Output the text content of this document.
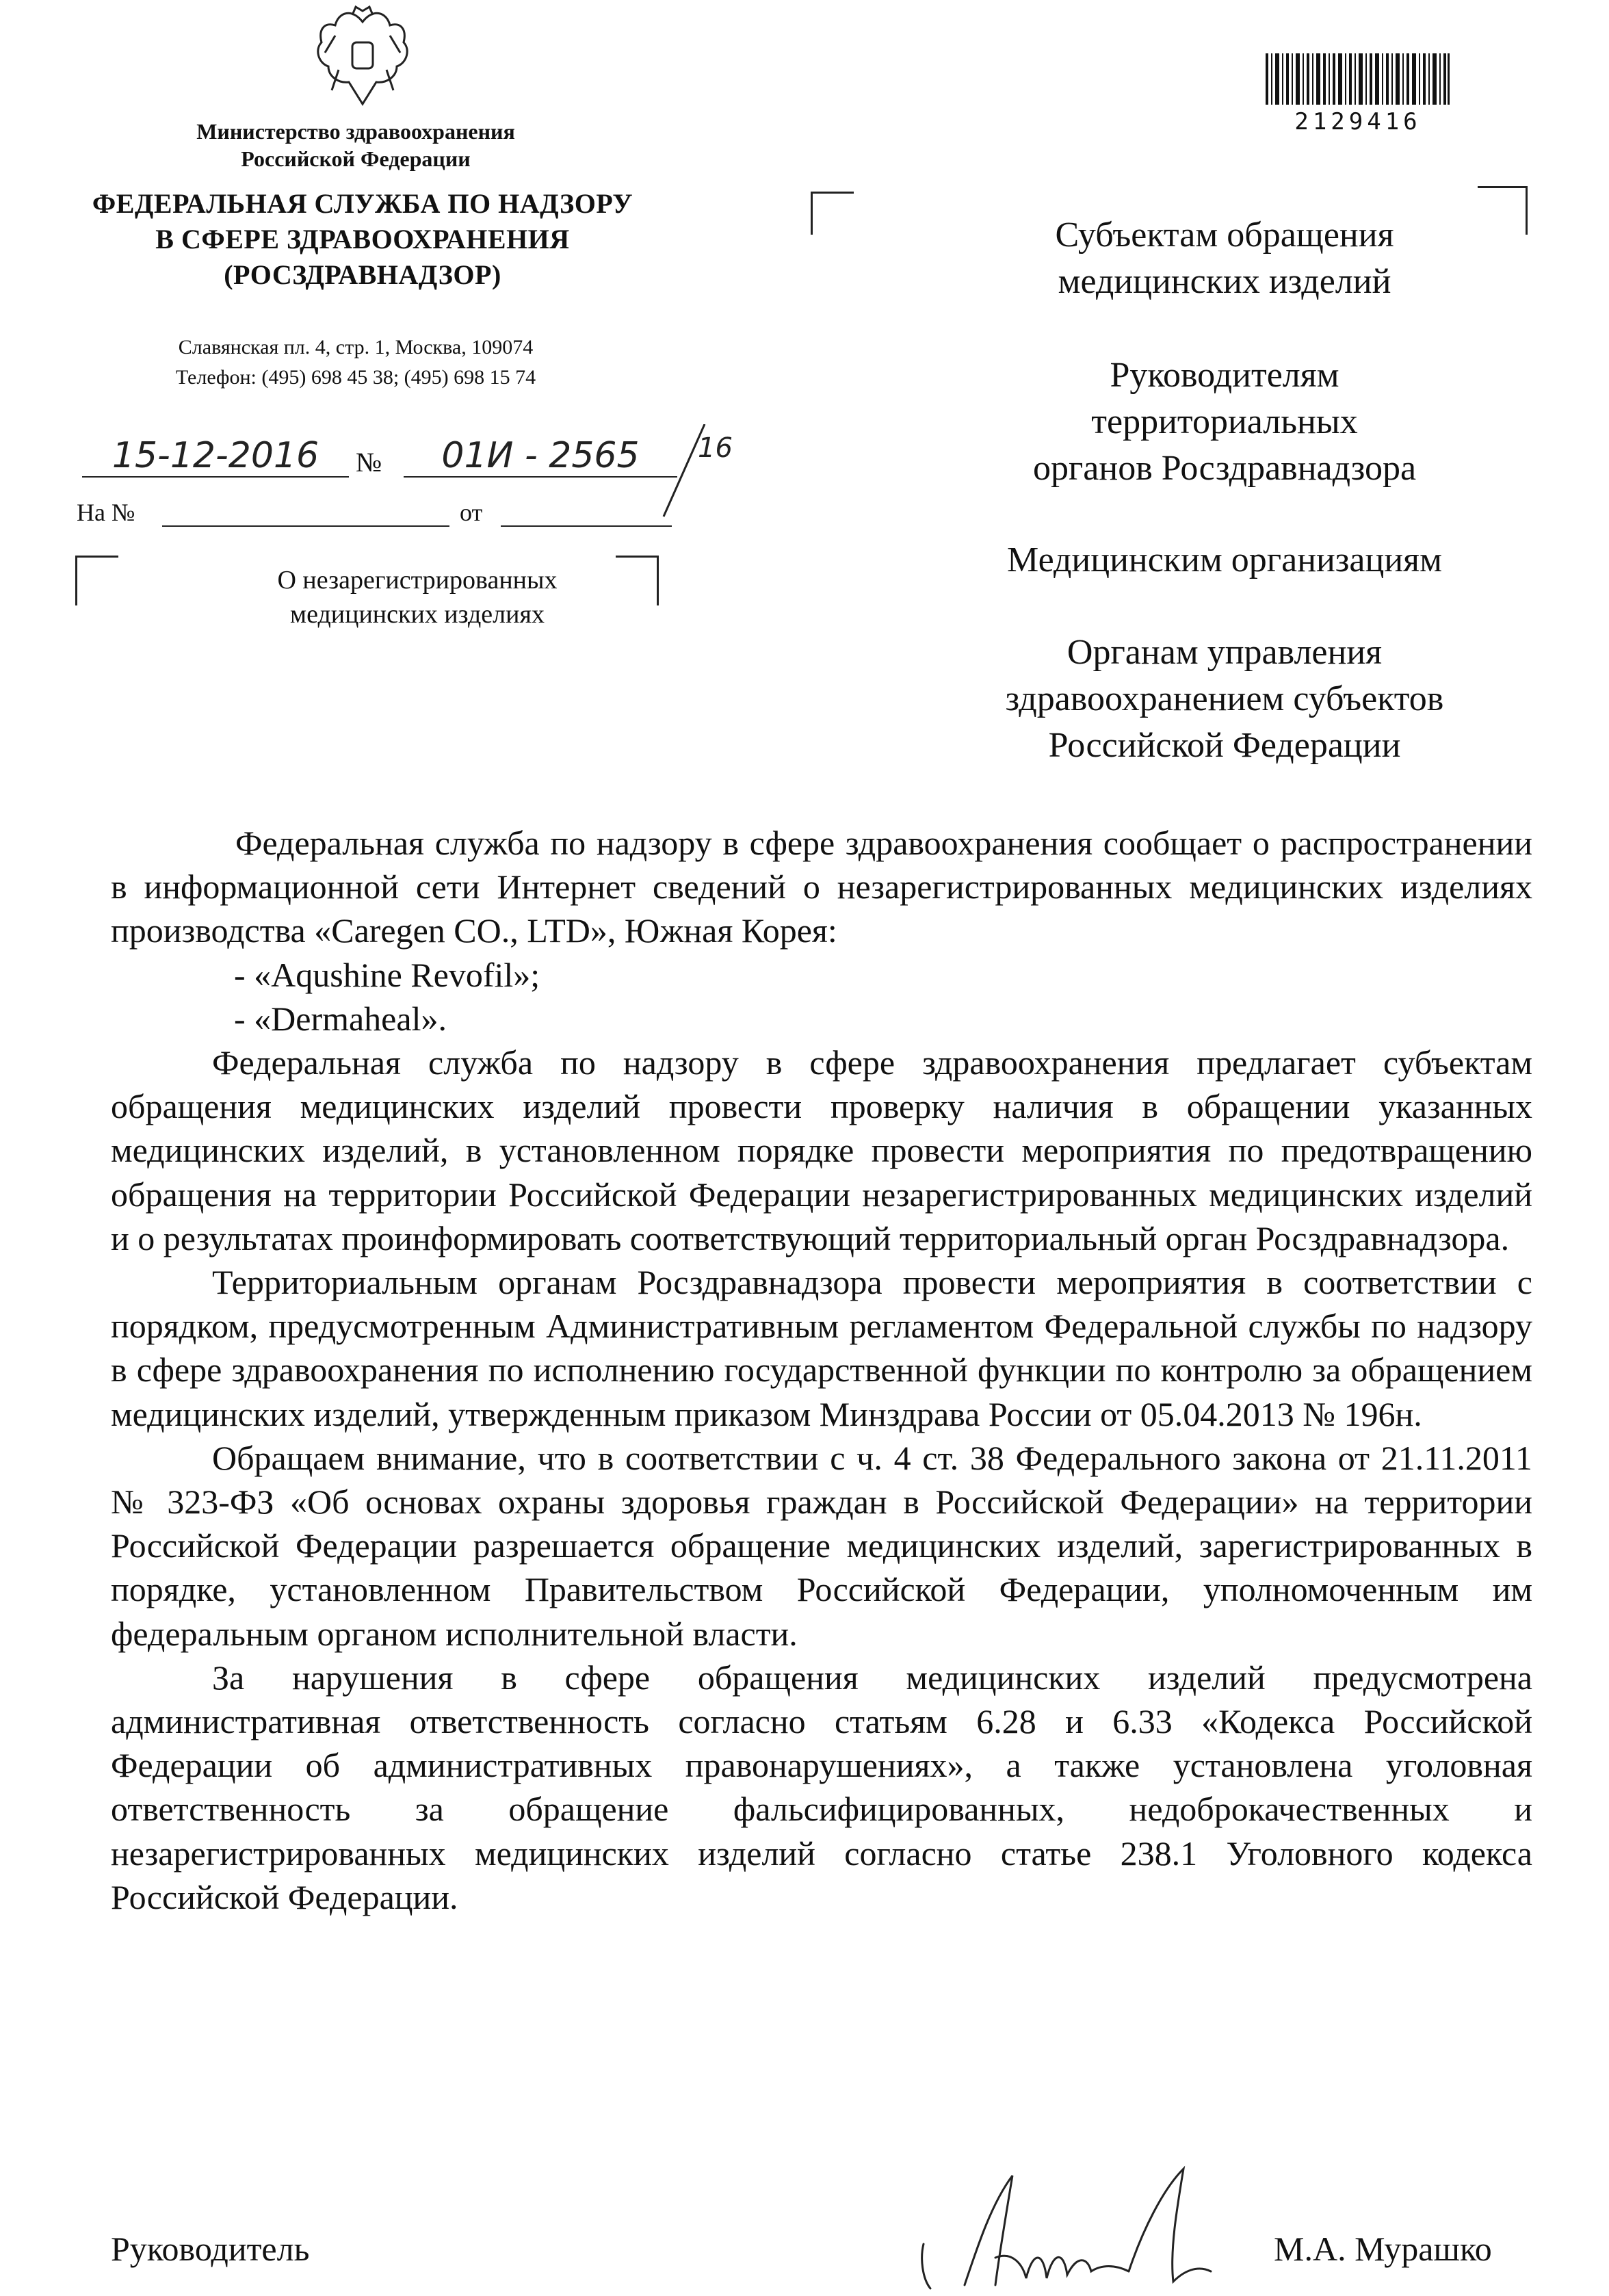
Министерство здравоохранения
Российской Федерации
ФЕДЕРАЛЬНАЯ СЛУЖБА ПО НАДЗОРУ
В СФЕРЕ ЗДРАВООХРАНЕНИЯ
(РОСЗДРАВНАДЗОР)
Славянская пл. 4, стр. 1, Москва, 109074
Телефон: (495) 698 45 38; (495) 698 15 74
15-12-2016	№	01И - 2565	16
На №	от
О незарегистрированных
медицинских изделиях
2129416
Субъектам обращения
медицинских изделий
Руководителям
территориальных
органов Росздравнадзора
Медицинским организациям
Органам управления
здравоохранением субъектов
Российской Федерации

Федеральная служба по надзору в сфере здравоохранения сообщает о распространении в информационной сети Интернет сведений о незарегистрированных медицинских изделиях производства «Caregen CO., LTD», Южная Корея:

- «Aqushine Revofil»;

- «Dermaheal».

Федеральная служба по надзору в сфере здравоохранения предлагает субъектам обращения медицинских изделий провести проверку наличия в обращении указанных медицинских изделий, в установленном порядке провести мероприятия по предотвращению обращения на территории Российской Федерации незарегистрированных медицинских изделий и о результатах проинформировать соответствующий территориальный орган Росздравнадзора.

Территориальным органам Росздравнадзора провести мероприятия в соответствии с порядком, предусмотренным Административным регламентом Федеральной службы по надзору в сфере здравоохранения по исполнению государственной функции по контролю за обращением медицинских изделий, утвержденным приказом Минздрава России от 05.04.2013 № 196н.

Обращаем внимание, что в соответствии с ч. 4 ст. 38 Федерального закона от 21.11.2011 № 323-ФЗ «Об основах охраны здоровья граждан в Российской Федерации» на территории Российской Федерации разрешается обращение медицинских изделий, зарегистрированных в порядке, установленном Правительством Российской Федерации, уполномоченным им федеральным органом исполнительной власти.

За нарушения в сфере обращения медицинских изделий предусмотрена административная ответственность согласно статьям 6.28 и 6.33 «Кодекса Российской Федерации об административных правонарушениях», а также установлена уголовная ответственность за обращение фальсифицированных, недоброкачественных и незарегистрированных медицинских изделий согласно статье 238.1 Уголовного кодекса Российской Федерации.

Руководитель	М.А. Мурашко
